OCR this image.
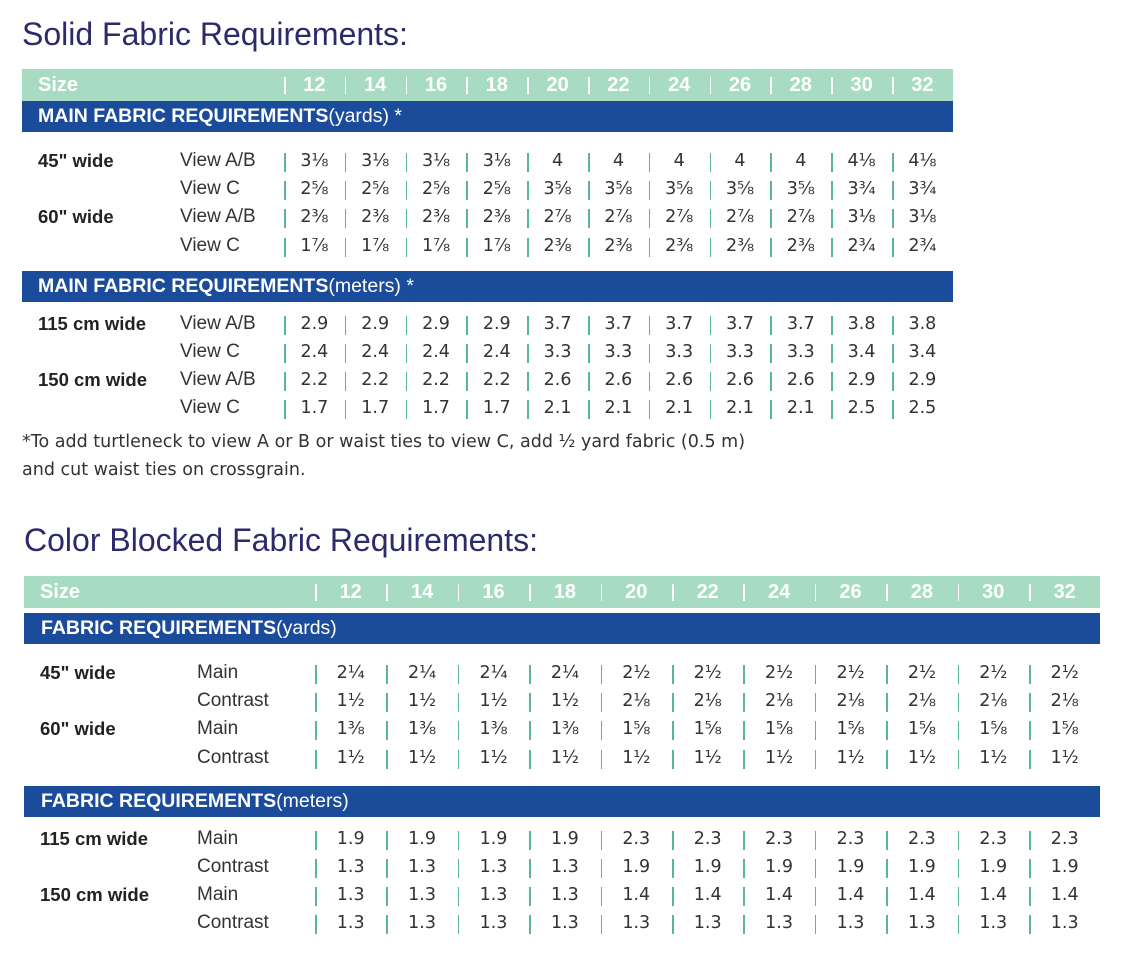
Solid Fabric Requirements:
Size	12	14	16	18	20	22	24	26	28	30	32
MAIN FABRIC REQUIREMENTS(yards) *
45" wide	View A/B	3⅛	3⅛	3⅛	3⅛	4	4	4	4	4	4⅛	4⅛
View C	2⅝	2⅝	2⅝	2⅝	3⅝	3⅝	3⅝	3⅝	3⅝	3¾	3¾
60" wide	View A/B	2⅜	2⅜	2⅜	2⅜	2⅞	2⅞	2⅞	2⅞	2⅞	3⅛	3⅛
View C	1⅞	1⅞	1⅞	1⅞	2⅜	2⅜	2⅜	2⅜	2⅜	2¾	2¾
MAIN FABRIC REQUIREMENTS(meters) *
115 cm wide View A/B	2.9	2.9	2.9	2.9	3.7	3.7	3.7	3.7	3.7	3.8	3.8
View C	2.4	2.4	2.4	2.4	3.3	3.3	3.3	3.3	3.3	3.4	3.4
150 cm wide View A/B	2.2	2.2	2.2	2.2	2.6	2.6	2.6	2.6	2.6	2.9	2.9
View C	1.7	1.7	1.7	1.7	2.1	2.1	2.1	2.1	2.1	2.5	2.5
*To add turtleneck to view A or B or waist ties to view C, add ½ yard fabric (0.5 m)
and cut waist ties on crossgrain.
Color Blocked Fabric Requirements:
Size	12	14	16	18	20	22	24	26	28	30	32
FABRIC REQUIREMENTS(yards)
45" wide	Main	2¼	2¼	2¼	2¼	2½	2½	2½	2½	2½	2½	2½
Contrast	1½	1½	1½	1½	2⅛	2⅛	2⅛	2⅛	2⅛	2⅛	2⅛
60" wide	Main	1⅜	1⅜	1⅜	1⅜	1⅝	1⅝	1⅝	1⅝	1⅝	1⅝	1⅝
Contrast	1½	1½	1½	1½	1½	1½	1½	1½	1½	1½	1½
FABRIC REQUIREMENTS(meters)
115 cm wide	Main	1.9	1.9	1.9	1.9	2.3	2.3	2.3	2.3	2.3	2.3	2.3
Contrast	1.3	1.3	1.3	1.3	1.9	1.9	1.9	1.9	1.9	1.9	1.9
150 cm wide	Main	1.3	1.3	1.3	1.3	1.4	1.4	1.4	1.4	1.4	1.4	1.4
Contrast	1.3	1.3	1.3	1.3	1.3	1.3	1.3	1.3	1.3	1.3	1.3
